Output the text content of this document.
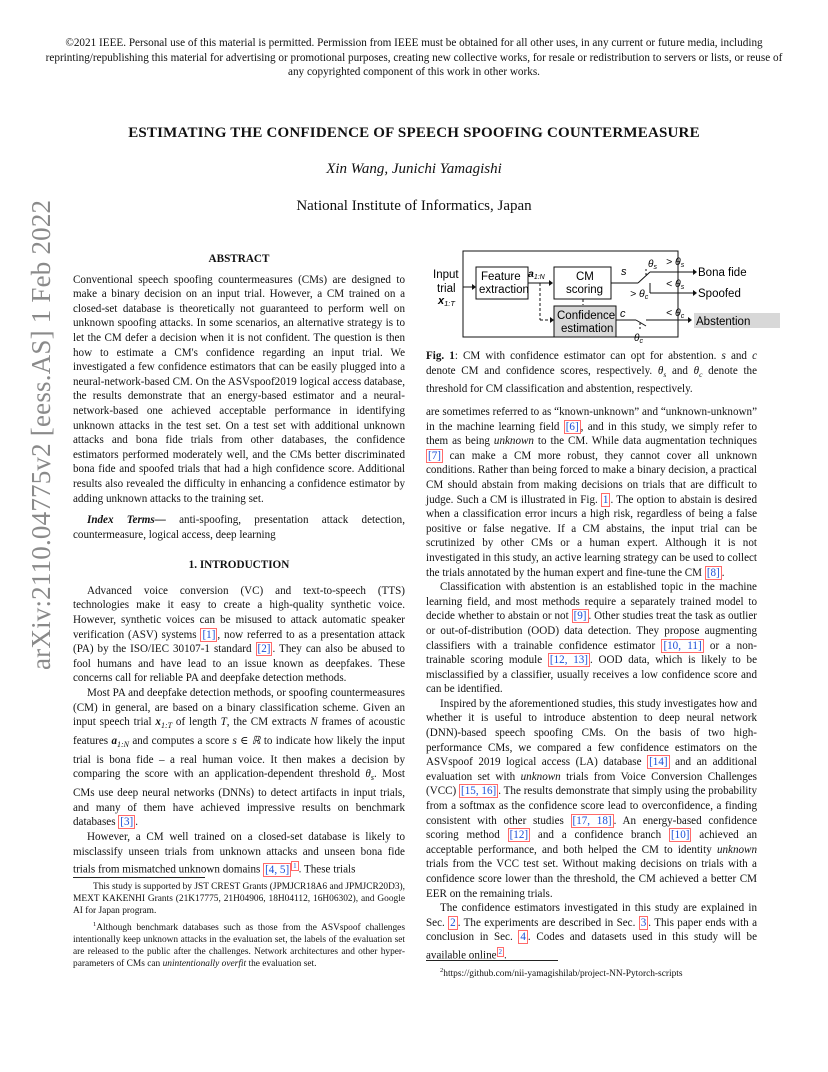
©2021 IEEE. Personal use of this material is permitted. Permission from IEEE must be obtained for all other uses, in any current or future media, including reprinting/republishing this material for advertising or promotional purposes, creating new collective works, for resale or redistribution to servers or lists, or reuse of any copyrighted component of this work in other works.
arXiv:2110.04775v2 [eess.AS] 1 Feb 2022
ESTIMATING THE CONFIDENCE OF SPEECH SPOOFING COUNTERMEASURE
Xin Wang, Junichi Yamagishi
National Institute of Informatics, Japan

ABSTRACT

Conventional speech spoofing countermeasures (CMs) are designed to make a binary decision on an input trial. However, a CM trained on a closed-set database is theoretically not guaranteed to perform well on unknown spoofing attacks. In some scenarios, an alternative strategy is to let the CM defer a decision when it is not confident. The question is then how to estimate a CM's confidence regarding an input trial. We investigated a few confidence estimators that can be easily plugged into a neural-network-based CM. On the ASVspoof2019 logical access database, the results demonstrate that an energy-based estimator and a neural-network-based one achieved acceptable performance in identifying unknown attacks in the test set. On a test set with additional unknown attacks and bona fide trials from other databases, the confidence estimators performed moderately well, and the CMs better discriminated bona fide and spoofed trials that had a high confidence score. Additional results also revealed the difficulty in enhancing a confidence estimator by adding unknown attacks to the training set.

Index Terms— anti-spoofing, presentation attack detection, countermeasure, logical access, deep learning

1. INTRODUCTION

Advanced voice conversion (VC) and text-to-speech (TTS) technologies make it easy to create a high-quality synthetic voice. However, synthetic voices can be misused to attack automatic speaker verification (ASV) systems [1] , now referred to as a presentation attack (PA) by the ISO/IEC 30107-1 standard [2] . They can also be abused to fool humans and have lead to an issue known as deepfakes. These concerns call for reliable PA and deepfake detection methods.

Most PA and deepfake detection methods, or spoofing countermeasures (CM) in general, are based on a binary classification scheme. Given an input speech trial $x_{1:T}$ of length T, the CM extracts N frames of acoustic features $a_{1:N}$ and computes a score s ∈ ℝ to indicate how likely the input trial is bona fide – a real human voice. It then makes a decision by comparing the score with an application-dependent threshold $\theta_s$. Most CMs use deep neural networks (DNNs) to detect artifacts in input trials, and many of them have achieved impressive results on benchmark databases [3] .

However, a CM well trained on a closed-set database is likely to misclassify unseen trials from unknown attacks and unseen bona fide trials from mismatched unknown domains [4, 5] $^1$ . These trials

This study is supported by JST CREST Grants (JPMJCR18A6 and JPMJCR20D3), MEXT KAKENHI Grants (21K17775, 21H04906, 18H04112, 16H06302), and Google AI for Japan program.

$^1$Although benchmark databases such as those from the ASVspoof challenges intentionally keep unknown attacks in the evaluation set, the labels of the evaluation set are released to the public after the challenges. Network architectures and other hyper-parameters of CMs can unintentionally overfit the evaluation set.

Input
trial
x1:T
Feature
extraction
a1:N	CM
scoring
Confidence
estimation
s
c
$\theta_c$
$\theta_s > \theta s$
< θs
> θc
< θc
Bona fide
Spoofed
Abstention

Fig. 1: CM with confidence estimator can opt for abstention. s and c denote CM and confidence scores, respectively. $\theta_s$ and $\theta_c$ denote the threshold for CM classification and abstention, respectively.

are sometimes referred to as “known-unknown” and “unknown-unknown” in the machine learning field [6] , and in this study, we simply refer to them as being unknown to the CM. While data augmentation techniques [7] can make a CM more robust, they cannot cover all unknown conditions. Rather than being forced to make a binary decision, a practical CM should abstain from making decisions on trials that are difficult to judge. Such a CM is illustrated in Fig. 1 . The option to abstain is desired when a classification error incurs a high risk, regardless of being a false positive or false negative. If a CM abstains, the input trial can be scrutinized by other CMs or a human expert. Although it is not investigated in this study, an active learning strategy can be used to collect the trials annotated by the human expert and fine-tune the CM [8] .

Classification with abstention is an established topic in the machine learning field, and most methods require a separately trained model to decide whether to abstain or not [9] . Other studies treat the task as outlier or out-of-distribution (OOD) data detection. They propose augmenting classifiers with a trainable confidence estimator [10, 11] or a non-trainable scoring module [12, 13] . OOD data, which is likely to be misclassified by a classifier, usually receives a low confidence score and can be identified.

Inspired by the aforementioned studies, this study investigates how and whether it is useful to introduce abstention to deep neural network (DNN)-based speech spoofing CMs. On the basis of two high-performance CMs, we compared a few confidence estimators on the ASVspoof 2019 logical access (LA) database [14] and an additional evaluation set with unknown trials from Voice Conversion Challenges (VCC) [15, 16] . The results demonstrate that simply using the probability from a softmax as the confidence score lead to overconfidence, a finding consistent with other studies [17, 18] . An energy-based confidence scoring method [12] and a confidence branch [10] achieved an acceptable performance, and both helped the CM to identity unknown trials from the VCC test set. Without making decisions on trials with a confidence score lower than the threshold, the CM achieved a better CM EER on the remaining trials.

The confidence estimators investigated in this study are explained in Sec. 2 . The experiments are described in Sec. 3 . This paper ends with a conclusion in Sec. 4 . Codes and datasets used in this study will be available online $^2$ .

$^2$https://github.com/nii-yamagishilab/project-NN-Pytorch-scripts
